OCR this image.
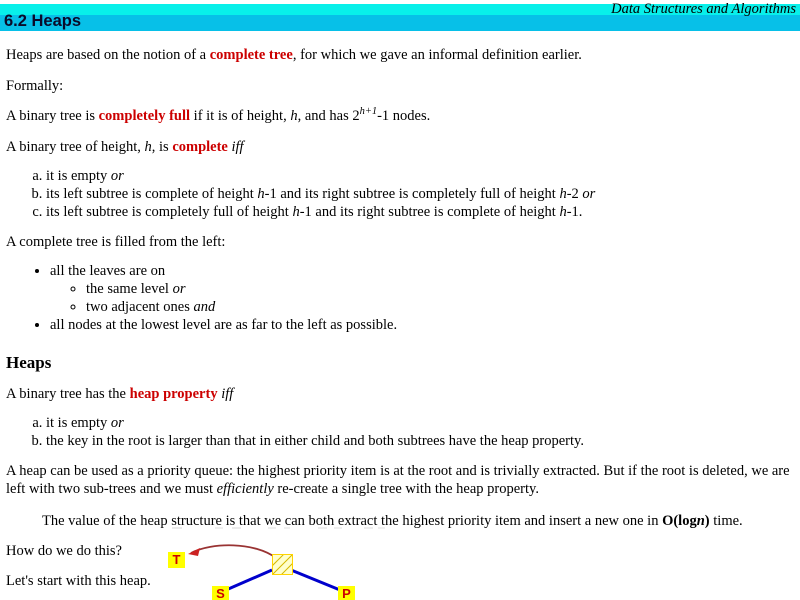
Data Structures and Algorithms
6.2 Heaps

Heaps are based on the notion of a complete tree, for which we gave an informal definition earlier.

Formally:

A binary tree is completely full if it is of height, h, and has $2^{h+1}-1$ nodes.

A binary tree of height, h, is complete iff

a. it is empty or
b. its left subtree is complete of height h-1 and its right subtree is completely full of height h-2 or
c. its left subtree is completely full of height h-1 and its right subtree is complete of height h-1.

A complete tree is filled from the left:

• all the leaves are on
◦ the same level or
◦ two adjacent ones and
• all nodes at the lowest level are as far to the left as possible.
Heaps

A binary tree has the heap property iff

a. it is empty or
b. the key in the root is larger than that in either child and both subtrees have the heap property.

A heap can be used as a priority queue: the highest priority item is at the root and is trivially extracted. But if the root is deleted, we are left with two sub-trees and we must efficiently re-create a single tree with the heap property.

The value of the heap structure is that we can both extract the highest priority item and insert a new one in O(logn) time.

How do we do this?

Let's start with this heap.

T
S	P
